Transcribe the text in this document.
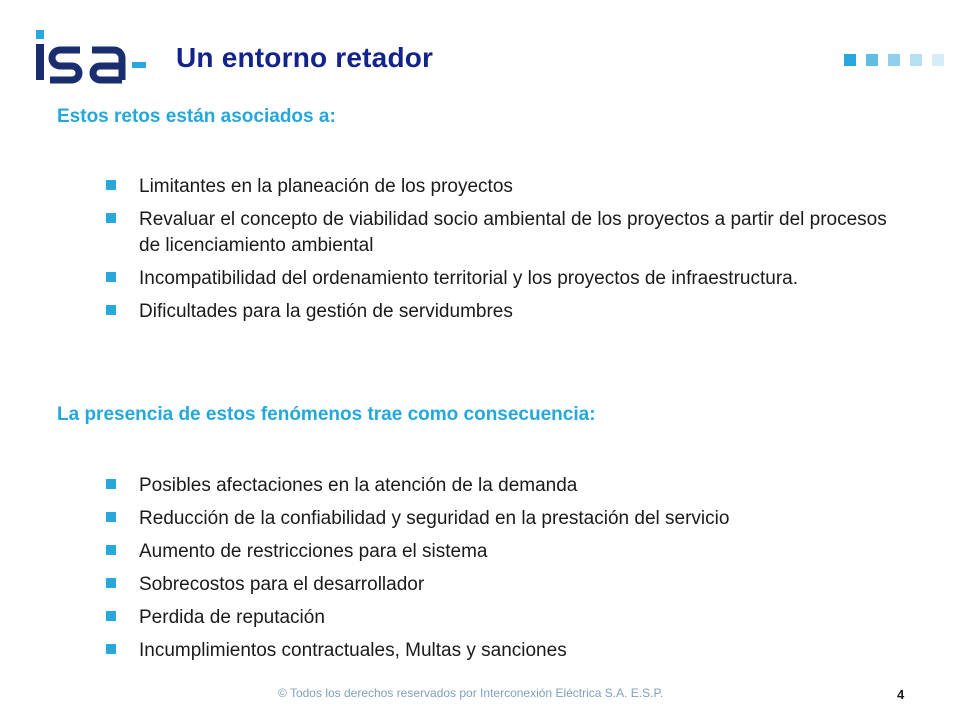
Un entorno retador
Estos retos están asociados a:
Limitantes en la planeación de los proyectos
Revaluar el concepto de viabilidad socio ambiental de los proyectos a partir del procesos de licenciamiento ambiental
Incompatibilidad del ordenamiento territorial y los proyectos de infraestructura.
Dificultades para la gestión de servidumbres
La presencia de estos fenómenos trae como consecuencia:
Posibles afectaciones en la atención de la demanda
Reducción de la confiabilidad y seguridad en la prestación del servicio
Aumento de restricciones para el sistema
Sobrecostos para el desarrollador
Perdida de reputación
Incumplimientos contractuales, Multas y sanciones
© Todos los derechos reservados por Interconexión Eléctrica S.A. E.S.P.	4
